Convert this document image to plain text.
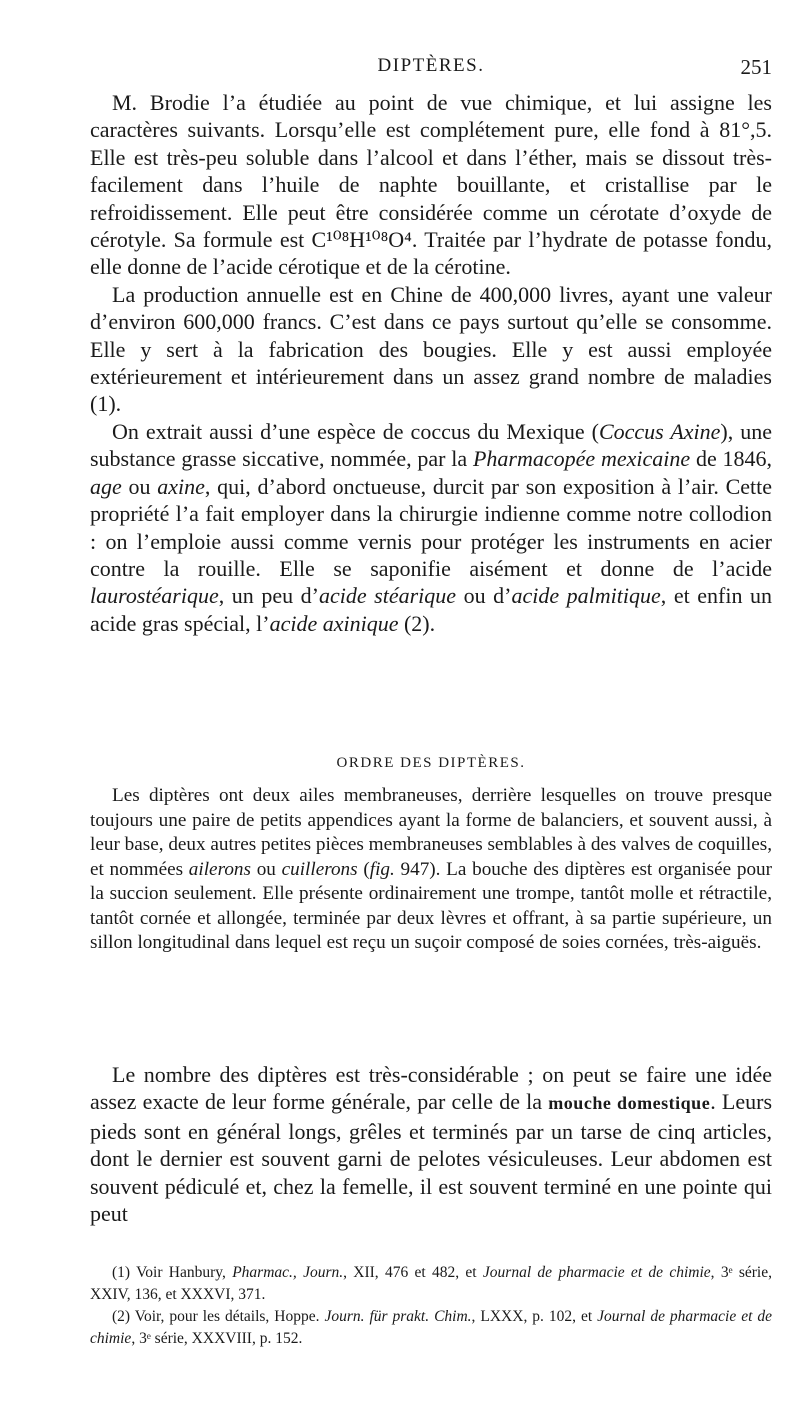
DIPTÈRES.	251

M. Brodie l’a étudiée au point de vue chimique, et lui assigne les caractères suivants. Lorsqu’elle est complétement pure, elle fond à 81°,5. Elle est très-peu soluble dans l’alcool et dans l’éther, mais se dissout très-facilement dans l’huile de naphte bouillante, et cristallise par le refroidissement. Elle peut être considérée comme un cérotate d’oxyde de cérotyle. Sa formule est C¹⁰⁸H¹⁰⁸O⁴. Traitée par l’hydrate de potasse fondu, elle donne de l’acide cérotique et de la cérotine.

La production annuelle est en Chine de 400,000 livres, ayant une valeur d’environ 600,000 francs. C’est dans ce pays surtout qu’elle se consomme. Elle y sert à la fabrication des bougies. Elle y est aussi employée extérieurement et intérieurement dans un assez grand nombre de maladies (1).

On extrait aussi d’une espèce de coccus du Mexique (Coccus Axine), une substance grasse siccative, nommée, par la Pharmacopée mexicaine de 1846, age ou axine, qui, d’abord onctueuse, durcit par son exposition à l’air. Cette propriété l’a fait employer dans la chirurgie indienne comme notre collodion : on l’emploie aussi comme vernis pour protéger les instruments en acier contre la rouille. Elle se saponifie aisément et donne de l’acide laurostéarique, un peu d’acide stéarique ou d’acide palmitique, et enfin un acide gras spécial, l’acide axinique (2).

ORDRE DES DIPTÈRES.

Les diptères ont deux ailes membraneuses, derrière lesquelles on trouve presque toujours une paire de petits appendices ayant la forme de balanciers, et souvent aussi, à leur base, deux autres petites pièces membraneuses semblables à des valves de coquilles, et nommées ailerons ou cuillerons (fig. 947). La bouche des diptères est organisée pour la succion seulement. Elle présente ordinairement une trompe, tantôt molle et rétractile, tantôt cornée et allongée, terminée par deux lèvres et offrant, à sa partie supérieure, un sillon longitudinal dans lequel est reçu un suçoir composé de soies cornées, très-aiguës.

Le nombre des diptères est très-considérable ; on peut se faire une idée assez exacte de leur forme générale, par celle de la mouche domestique. Leurs pieds sont en général longs, grêles et terminés par un tarse de cinq articles, dont le dernier est souvent garni de pelotes vésiculeuses. Leur abdomen est souvent pédiculé et, chez la femelle, il est souvent terminé en une pointe qui peut

(1) Voir Hanbury, Pharmac., Journ., XII, 476 et 482, et Journal de pharmacie et de chimie, 3ᵉ série, XXIV, 136, et XXXVI, 371.

(2) Voir, pour les détails, Hoppe. Journ. für prakt. Chim., LXXX, p. 102, et Journal de pharmacie et de chimie, 3ᵉ série, XXXVIII, p. 152.
